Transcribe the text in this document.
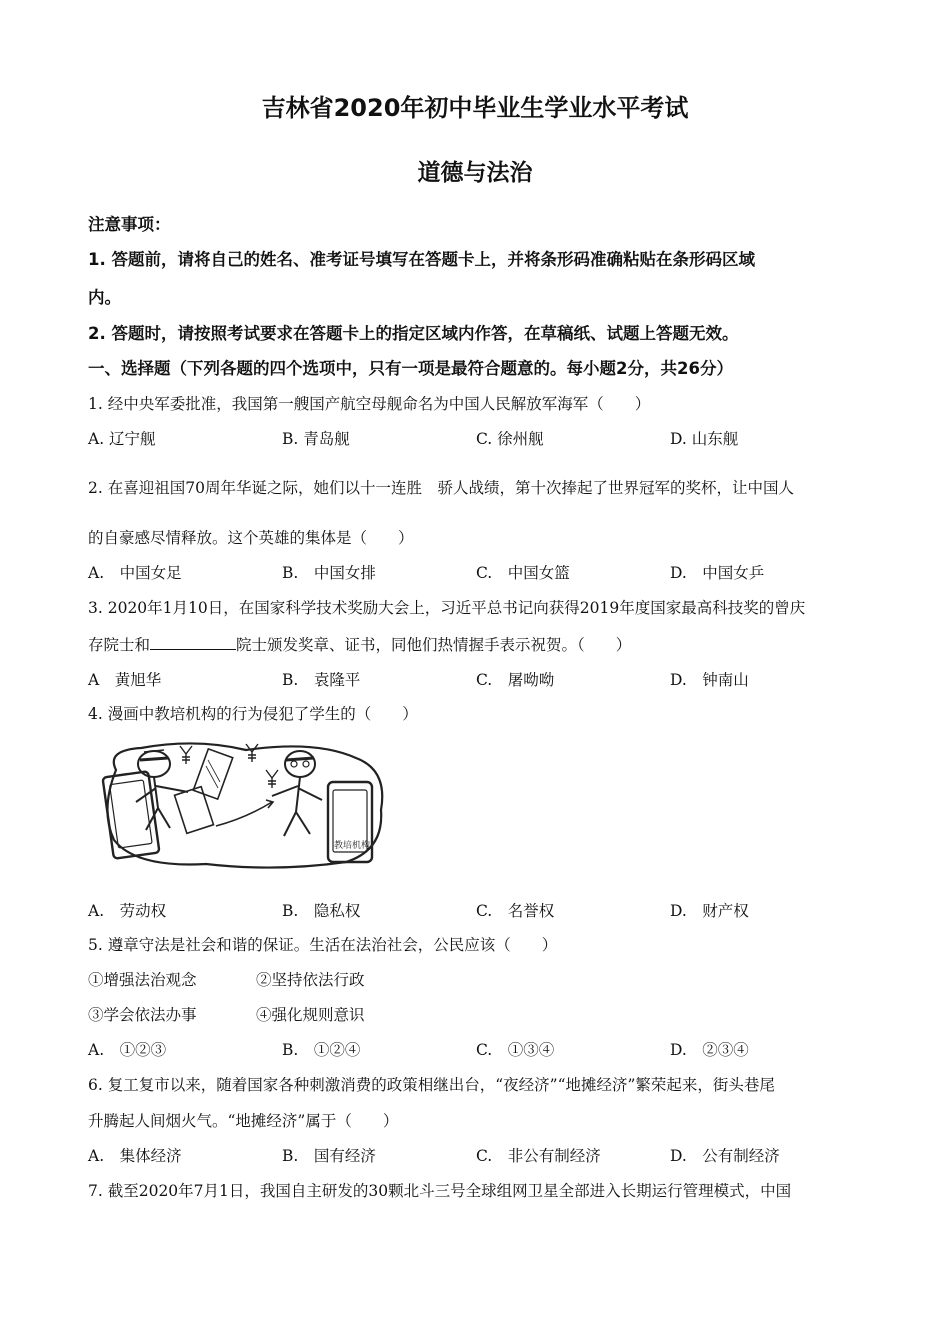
吉林省2020年初中毕业生学业水平考试
道德与法治
注意事项：
1. 答题前，请将自己的姓名、准考证号填写在答题卡上，并将条形码准确粘贴在条形码区域
内。
2. 答题时，请按照考试要求在答题卡上的指定区域内作答，在草稿纸、试题上答题无效。
一、选择题（下列各题的四个选项中，只有一项是最符合题意的。每小题2分，共26分）
1. 经中央军委批准，我国第一艘国产航空母舰命名为中国人民解放军海军（　　）
A. 辽宁舰	B. 青岛舰	C. 徐州舰	D. 山东舰
2. 在喜迎祖国70周年华诞之际，她们以十一连胜　骄人战绩，第十次捧起了世界冠军的奖杯，让中国人
的自豪感尽情释放。这个英雄的集体是（　　）
A.　中国女足	B.　中国女排	C.　中国女篮	D.　中国女乒
3. 2020年1月10日，在国家科学技术奖励大会上，习近平总书记向获得2019年度国家最高科技奖的曾庆
存院士和	院士颁发奖章、证书，同他们热情握手表示祝贺。（　　）
A　黄旭华	B.　袁隆平	C.　屠呦呦	D.　钟南山
4. 漫画中教培机构的行为侵犯了学生的（　　）
教培机构
A.　劳动权	B.　隐私权	C.　名誉权	D.　财产权
5. 遵章守法是社会和谐的保证。生活在法治社会，公民应该（　　）
①增强法治观念	②坚持依法行政
③学会依法办事	④强化规则意识
A.　①②③	B.　①②④	C.　①③④	D.　②③④
6. 复工复市以来，随着国家各种刺激消费的政策相继出台，“夜经济”“地摊经济”繁荣起来，街头巷尾
升腾起人间烟火气。“地摊经济”属于（　　）
A.　集体经济	B.　国有经济	C.　非公有制经济	D.　公有制经济
7. 截至2020年7月1日，我国自主研发的30颗北斗三号全球组网卫星全部进入长期运行管理模式，中国
